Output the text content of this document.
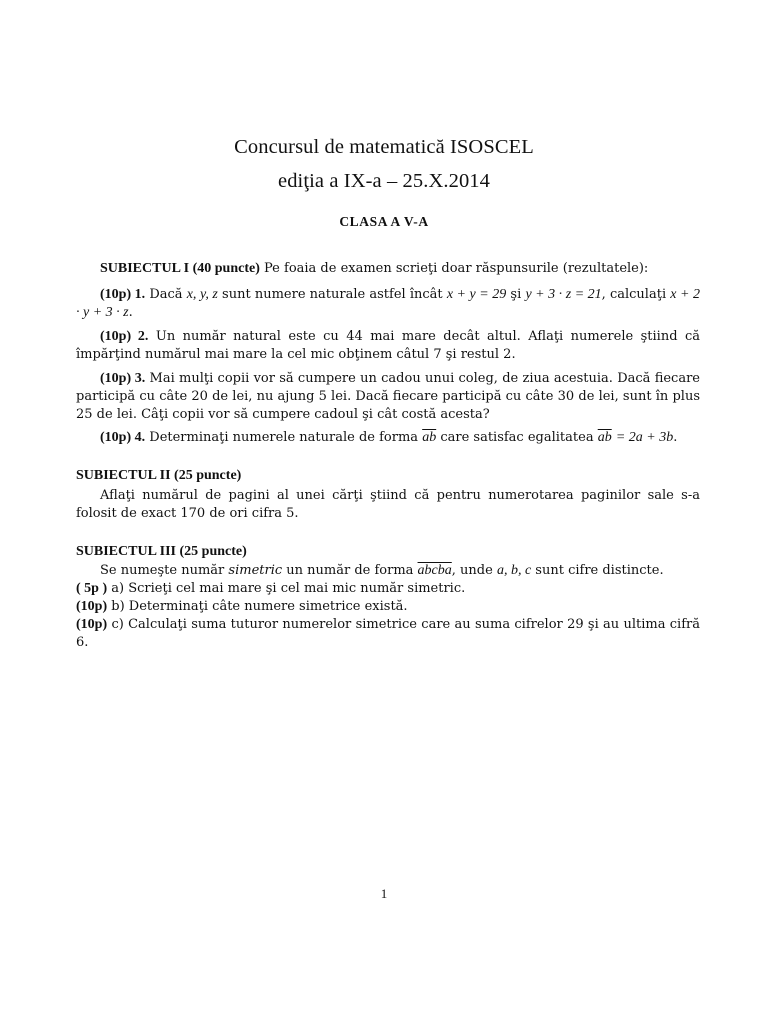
Concursul de matematică ISOSCEL
ediţia a IX-a – 25.X.2014
CLASA A V-A
SUBIECTUL I (40 puncte) Pe foaia de examen scrieţi doar răspunsurile (rezultatele):
(10p) 1. Dacă x, y, z sunt numere naturale astfel încât x + y = 29 şi y + 3 · z = 21, calculaţi x + 2 · y + 3 · z.
(10p) 2. Un număr natural este cu 44 mai mare decât altul. Aflaţi numerele ştiind că împărţind numărul mai mare la cel mic obţinem câtul 7 şi restul 2.
(10p) 3. Mai mulţi copii vor să cumpere un cadou unui coleg, de ziua acestuia. Dacă fiecare participă cu câte 20 de lei, nu ajung 5 lei. Dacă fiecare participă cu câte 30 de lei, sunt în plus 25 de lei. Câţi copii vor să cumpere cadoul şi cât costă acesta?
(10p) 4. Determinaţi numerele naturale de forma $\overline{ab}$ care satisfac egalitatea $\overline{ab} = 2a + 3b$.
SUBIECTUL II (25 puncte)
Aflaţi numărul de pagini al unei cărţi ştiind că pentru numerotarea paginilor sale s-a folosit de exact 170 de ori cifra 5.
SUBIECTUL III (25 puncte)
Se numeşte număr simetric un număr de forma abcba, unde a, b, c sunt cifre distincte.
( 5p ) a) Scrieţi cel mai mare şi cel mai mic număr simetric.
(10p) b) Determinaţi câte numere simetrice există.
(10p) c) Calculaţi suma tuturor numerelor simetrice care au suma cifrelor 29 şi au ultima cifră 6.
1
